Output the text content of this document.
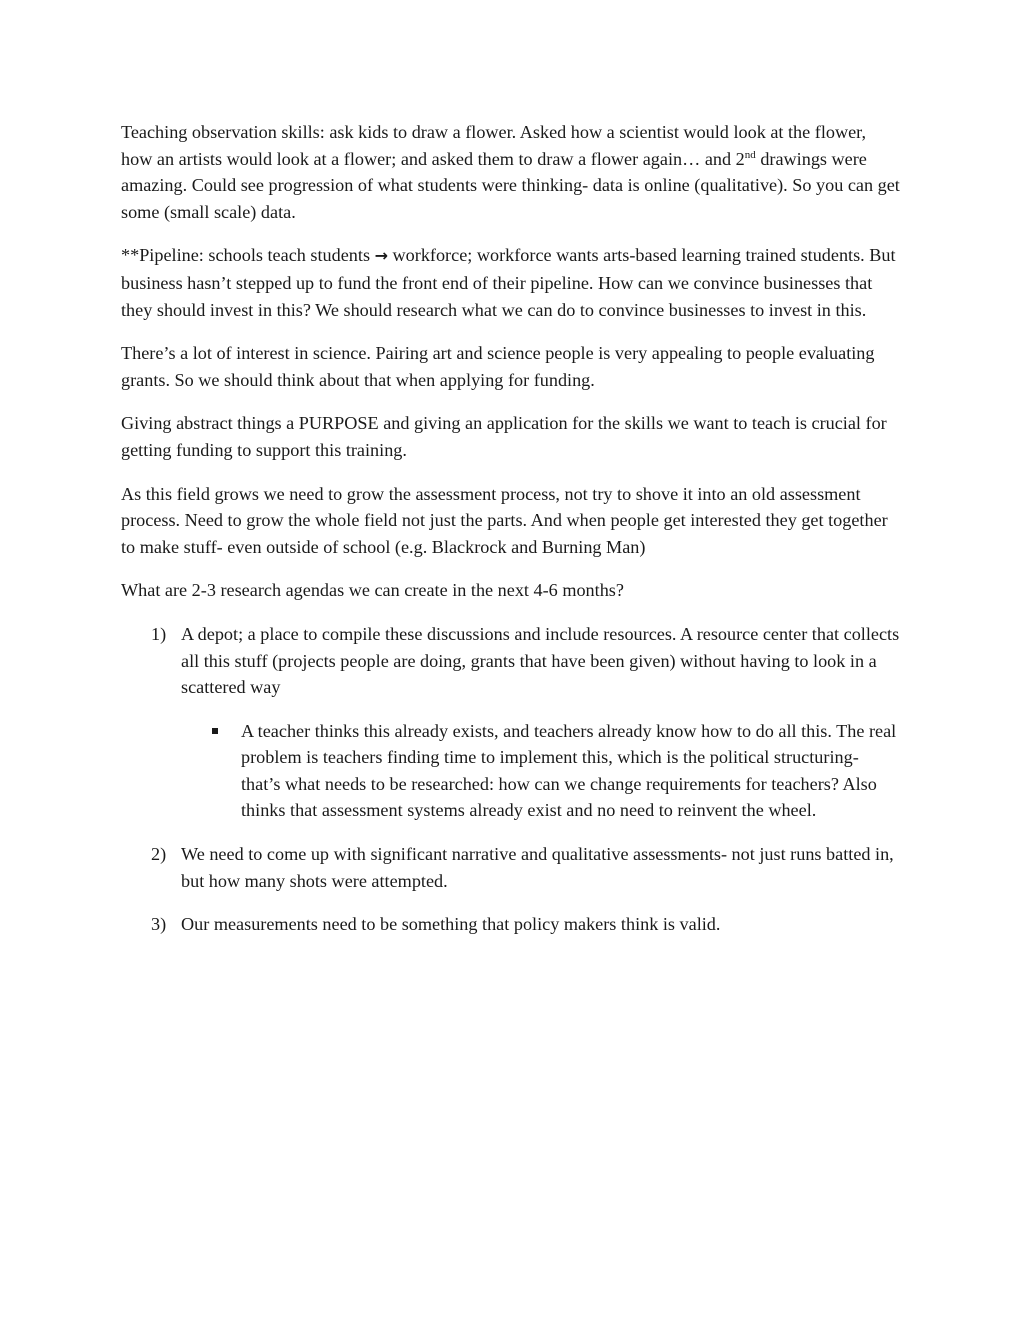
Teaching observation skills: ask kids to draw a flower. Asked how a scientist would look at the flower, how an artists would look at a flower; and asked them to draw a flower again… and 2nd drawings were amazing. Could see progression of what students were thinking- data is online (qualitative). So you can get some (small scale) data.

**Pipeline: schools teach students → workforce; workforce wants arts-based learning trained students. But business hasn’t stepped up to fund the front end of their pipeline. How can we convince businesses that they should invest in this? We should research what we can do to convince businesses to invest in this.

There’s a lot of interest in science. Pairing art and science people is very appealing to people evaluating grants. So we should think about that when applying for funding.

Giving abstract things a PURPOSE and giving an application for the skills we want to teach is crucial for getting funding to support this training.

As this field grows we need to grow the assessment process, not try to shove it into an old assessment process. Need to grow the whole field not just the parts. And when people get interested they get together to make stuff- even outside of school (e.g. Blackrock and Burning Man)

What are 2-3 research agendas we can create in the next 4-6 months?

1) A depot; a place to compile these discussions and include resources. A resource center that collects all this stuff (projects people are doing, grants that have been given) without having to look in a scattered way
A teacher thinks this already exists, and teachers already know how to do all this. The real problem is teachers finding time to implement this, which is the political structuring- that’s what needs to be researched: how can we change requirements for teachers? Also thinks that assessment systems already exist and no need to reinvent the wheel.
2) We need to come up with significant narrative and qualitative assessments- not just runs batted in, but how many shots were attempted.
3) Our measurements need to be something that policy makers think is valid.
